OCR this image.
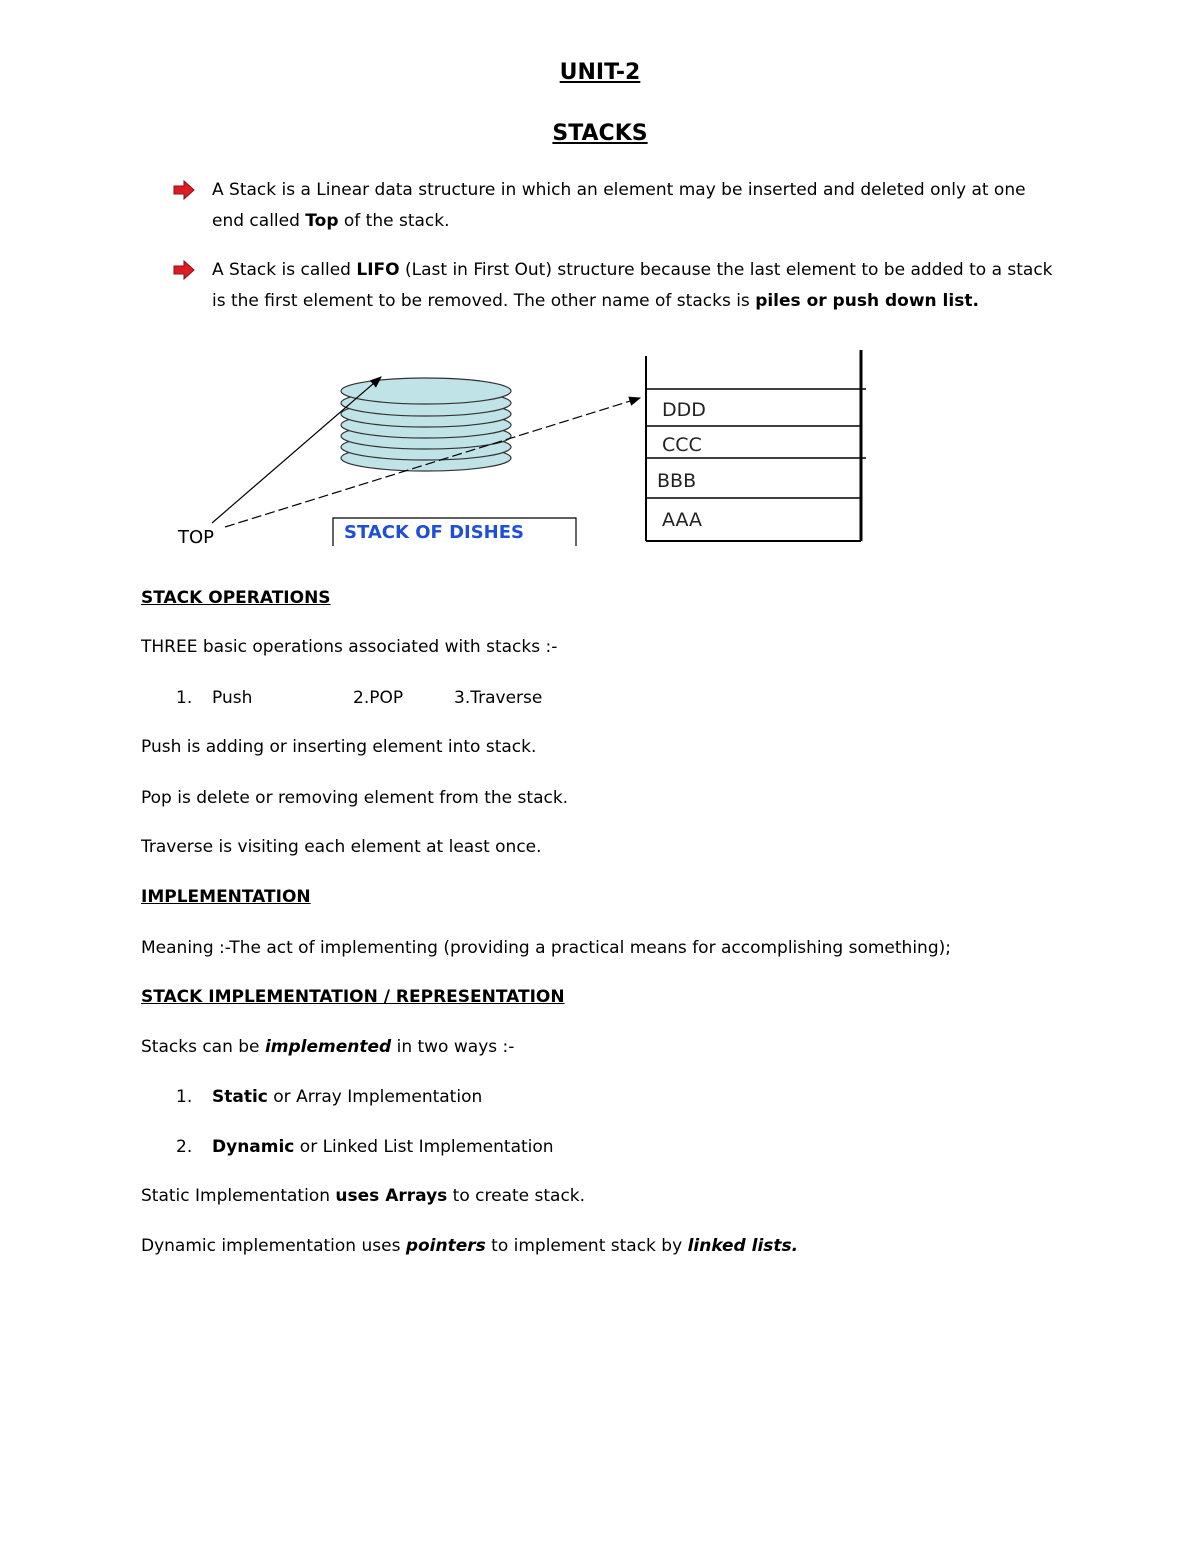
UNIT-2
STACKS
A Stack is a Linear data structure in which an element may be inserted and deleted only at one
end called Top of the stack.
A Stack is called LIFO (Last in First Out) structure because the last element to be added to a stack
is the first element to be removed. The other name of stacks is piles or push down list.
TOP	STACK OF DISHES
DDD
CCC
BBB
AAA
STACK OPERATIONS
THREE basic operations associated with stacks :-
1. Push	2.POP	3.Traverse
Push is adding or inserting element into stack.
Pop is delete or removing element from the stack.
Traverse is visiting each element at least once.
IMPLEMENTATION
Meaning :-The act of implementing (providing a practical means for accomplishing something);
STACK IMPLEMENTATION / REPRESENTATION
Stacks can be implemented in two ways :-
1. Static or Array Implementation
2. Dynamic or Linked List Implementation
Static Implementation uses Arrays to create stack.
Dynamic implementation uses pointers to implement stack by linked lists.
